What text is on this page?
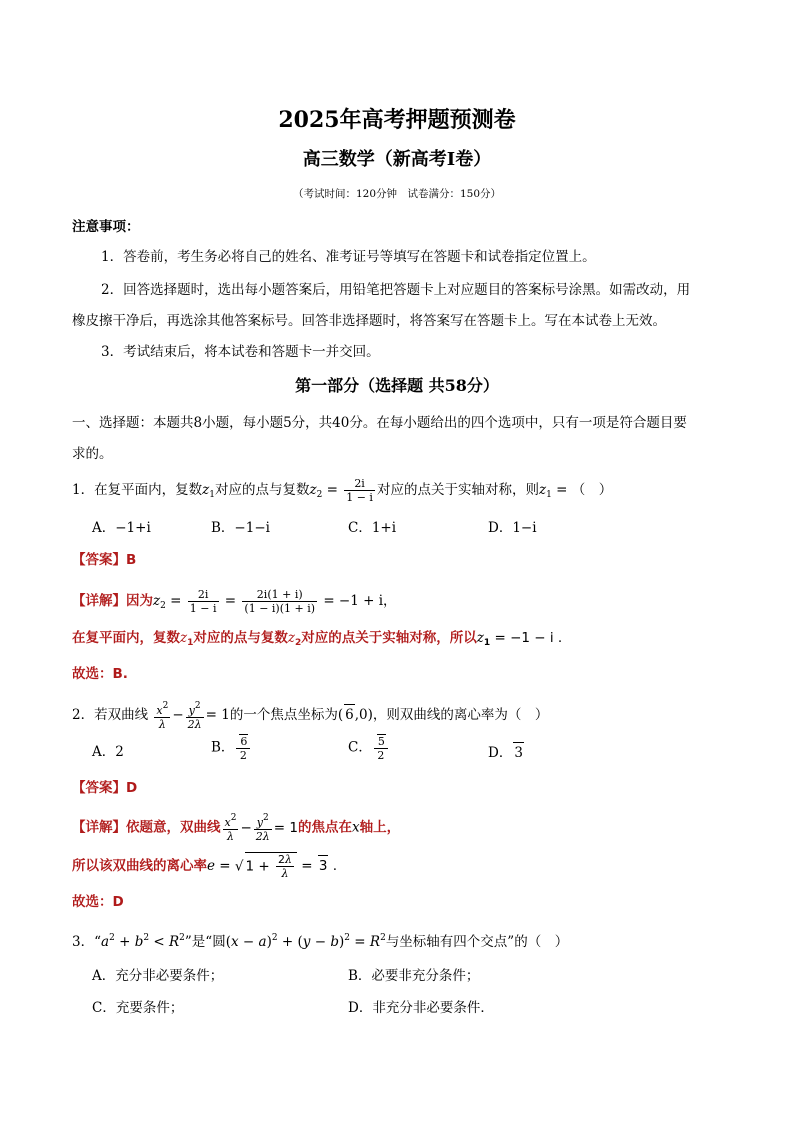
2025年高考押题预测卷
高三数学（新高考Ⅰ卷）
（考试时间：120分钟　试卷满分：150分）
注意事项：
1．答卷前，考生务必将自己的姓名、准考证号等填写在答题卡和试卷指定位置上。
2．回答选择题时，选出每小题答案后，用铅笔把答题卡上对应题目的答案标号涂黑。如需改动，用
橡皮擦干净后，再选涂其他答案标号。回答非选择题时，将答案写在答题卡上。写在本试卷上无效。
3．考试结束后，将本试卷和答题卡一并交回。
第一部分（选择题 共58分）
一、选择题：本题共8小题，每小题5分，共40分。在每小题给出的四个选项中，只有一项是符合题目要
求的。
1．在复平面内，复数$z_1$对应的点与复数$z_2 = \frac{2i}{1 - i}$ 对应的点关于实轴对称，则$z_1$ = （　）
A．−1+i	B．−1−i	C．1+i	D．1−i
【答案】B
【详解】因为$z_2 = \frac{2i}{1 - i} = \frac{2i(1 + i)}{(1 - i)(1 + i)} = -1 + i$，
在复平面内，复数$z_1$对应的点与复数$z_2$对应的点关于实轴对称，所以$z_1 = -1 - i$ .
故选：B.
2．若双曲线 $\frac{x^2}{\lambda} - \frac{y^2}{2\lambda} = 1$的一个焦点坐标为( 6,0)，则双曲线的离心率为（　）
A．2	B． $\frac{6}{2}$	C． $\frac{5}{2}$	D． 3
【答案】D
【详解】依题意，双曲线 $\frac{x^2}{\lambda} - \frac{y^2}{2\lambda} = 1$的焦点在x轴上，
所以该双曲线的离心率e = √ $1 + \frac{2\lambda}{\lambda} = 3$ .
故选：D
3．“$a^2 + b^2 < R^2$”是“圆$(x - a)^2 + (y - b)^2 = R^2$与坐标轴有四个交点”的（　）
A．充分非必要条件；	B．必要非充分条件；
C．充要条件；	D．非充分非必要条件．
